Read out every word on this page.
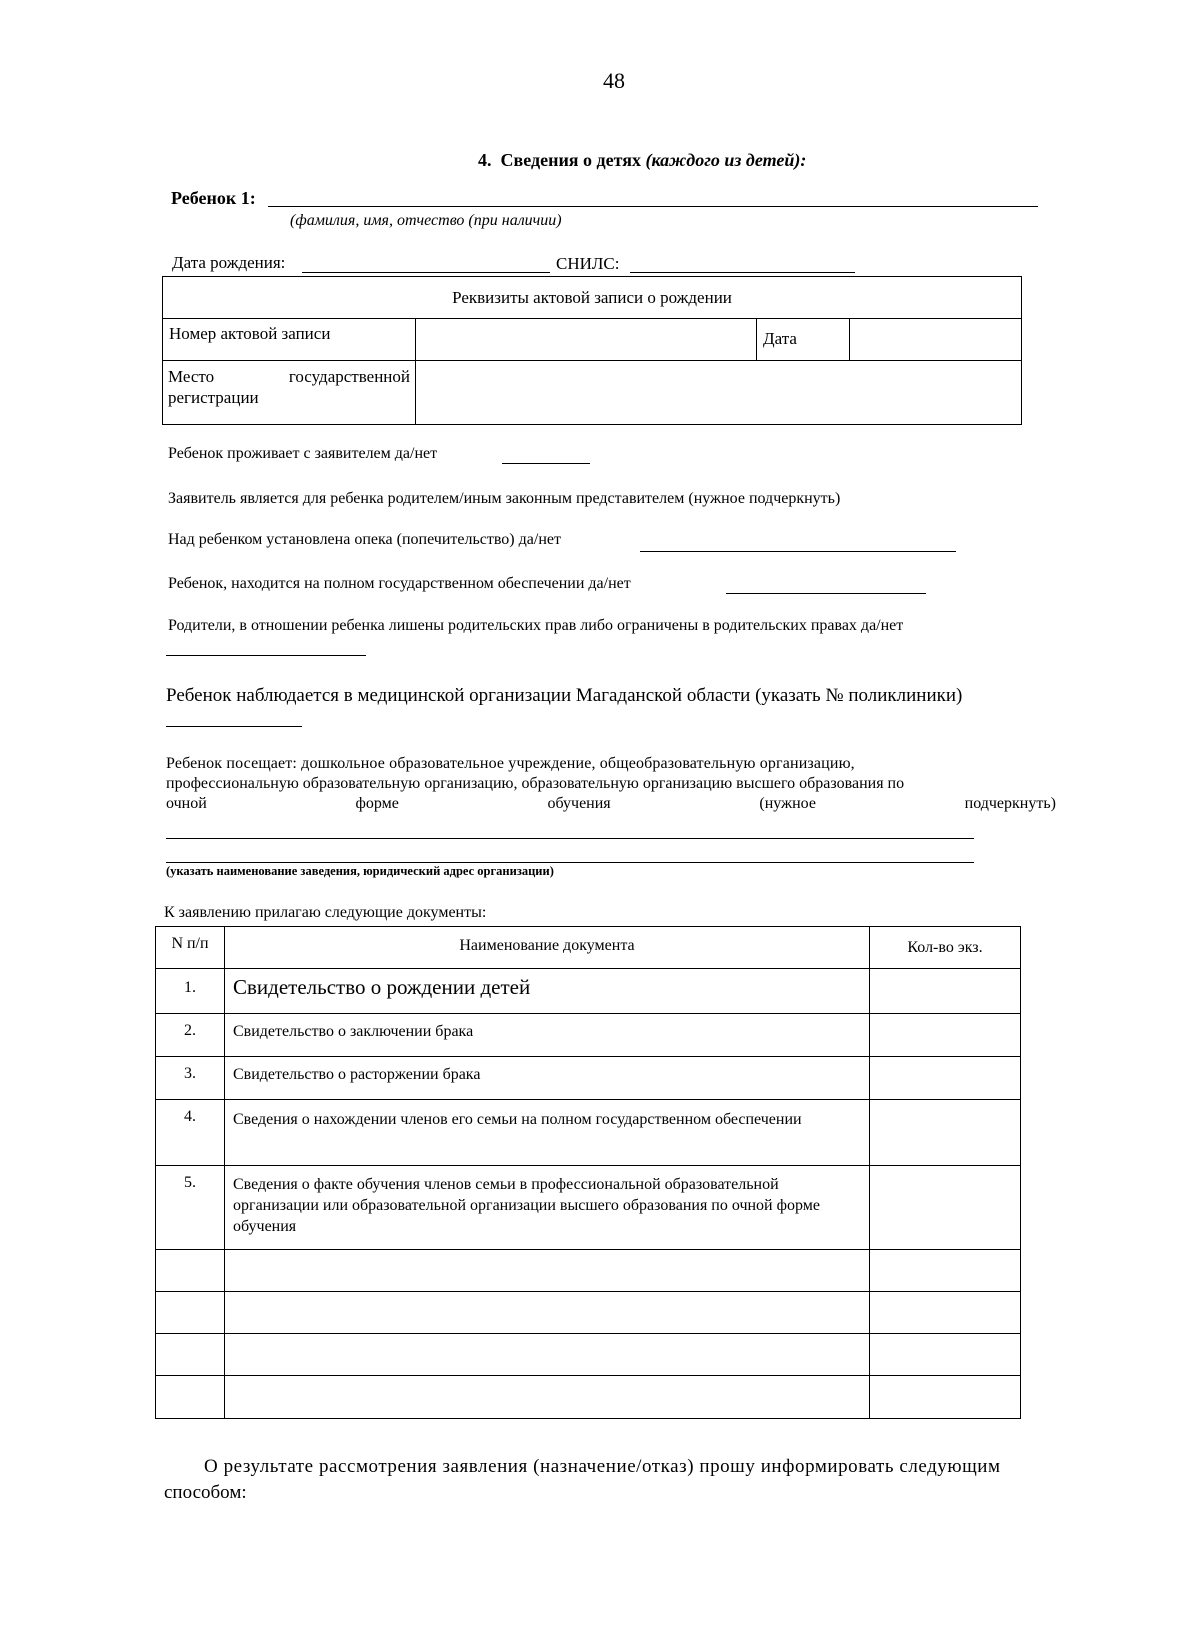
48
4. Сведения о детях (каждого из детей):
Ребенок 1:
(фамилия, имя, отчество (при наличии)
Дата рождения:	СНИЛС:
Реквизиты актовой записи о рождении			
Номер актовой записи		Дата	

Место государственной
регистрации			

Ребенок проживает с заявителем да/нет
Заявитель является для ребенка родителем/иным законным представителем (нужное подчеркнуть)
Над ребенком установлена опека (попечительство) да/нет
Ребенок, находится на полном государственном обеспечении да/нет
Родители, в отношении ребенка лишены родительских прав либо ограничены в родительских правах да/нет
Ребенок наблюдается в медицинской организации Магаданской области (указать № поликлиники)
Ребенок посещает: дошкольное образовательное учреждение, общеобразовательную организацию,
профессиональную образовательную организацию, образовательную организацию высшего образования по
очной	форме	обучения	(нужное	подчеркнуть)
(указать наименование заведения, юридический адрес организации)
К заявлению прилагаю следующие документы:
N п/п	Наименование документа	Кол-во экз.
1.	Свидетельство о рождении детей	
2.	Свидетельство о заключении брака	
3.	Свидетельство о расторжении брака	
4.	Сведения о нахождении членов его семьи на полном государственном обеспечении	

5.	Сведения о факте обучения членов семьи в профессиональной образовательной организации или образовательной организации высшего образования по очной форме обучения	

О результате рассмотрения заявления (назначение/отказ) прошу информировать следующим
способом:
